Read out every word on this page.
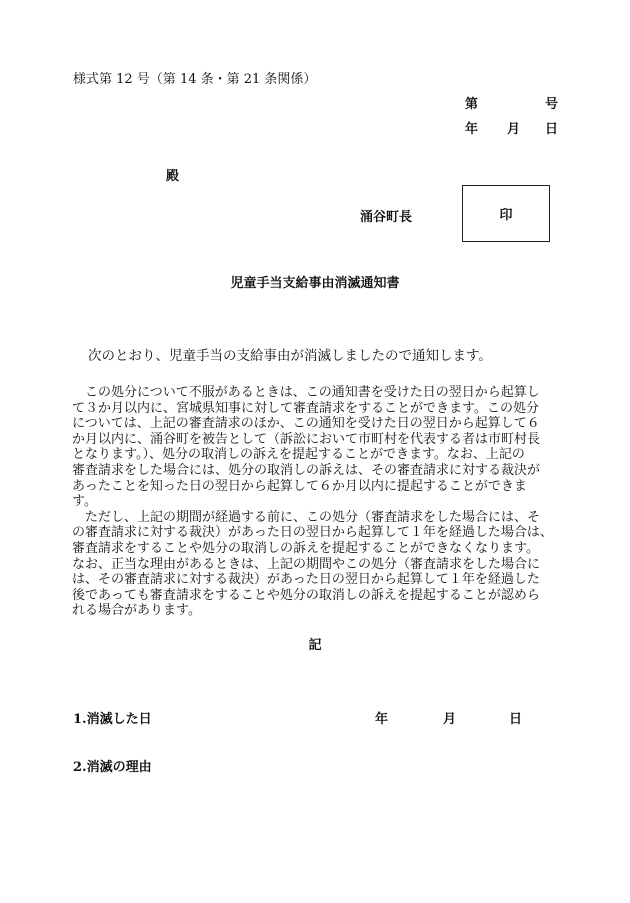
様式第 12 号（第 14 条・第 21 条関係）
第	号
年 月 日
殿
涌谷町長	印
児童手当支給事由消滅通知書
次のとおり、児童手当の支給事由が消滅しましたので通知します。
　この処分について不服があるときは、この通知書を受けた日の翌日から起算し
て３か月以内に、宮城県知事に対して審査請求をすることができます。この処分
については、上記の審査請求のほか、この通知を受けた日の翌日から起算して６
か月以内に、涌谷町を被告として（訴訟において市町村を代表する者は市町村長
となります。）、処分の取消しの訴えを提起することができます。なお、上記の
審査請求をした場合には、処分の取消しの訴えは、その審査請求に対する裁決が
あったことを知った日の翌日から起算して６か月以内に提起することができま
す。
　ただし、上記の期間が経過する前に、この処分（審査請求をした場合には、そ
の審査請求に対する裁決）があった日の翌日から起算して１年を経過した場合は、
審査請求をすることや処分の取消しの訴えを提起することができなくなります。
なお、正当な理由があるときは、上記の期間やこの処分（審査請求をした場合に
は、その審査請求に対する裁決）があった日の翌日から起算して１年を経過した
後であっても審査請求をすることや処分の取消しの訴えを提起することが認めら
れる場合があります。
記
1.消滅した日	年	月	日
2.消滅の理由
